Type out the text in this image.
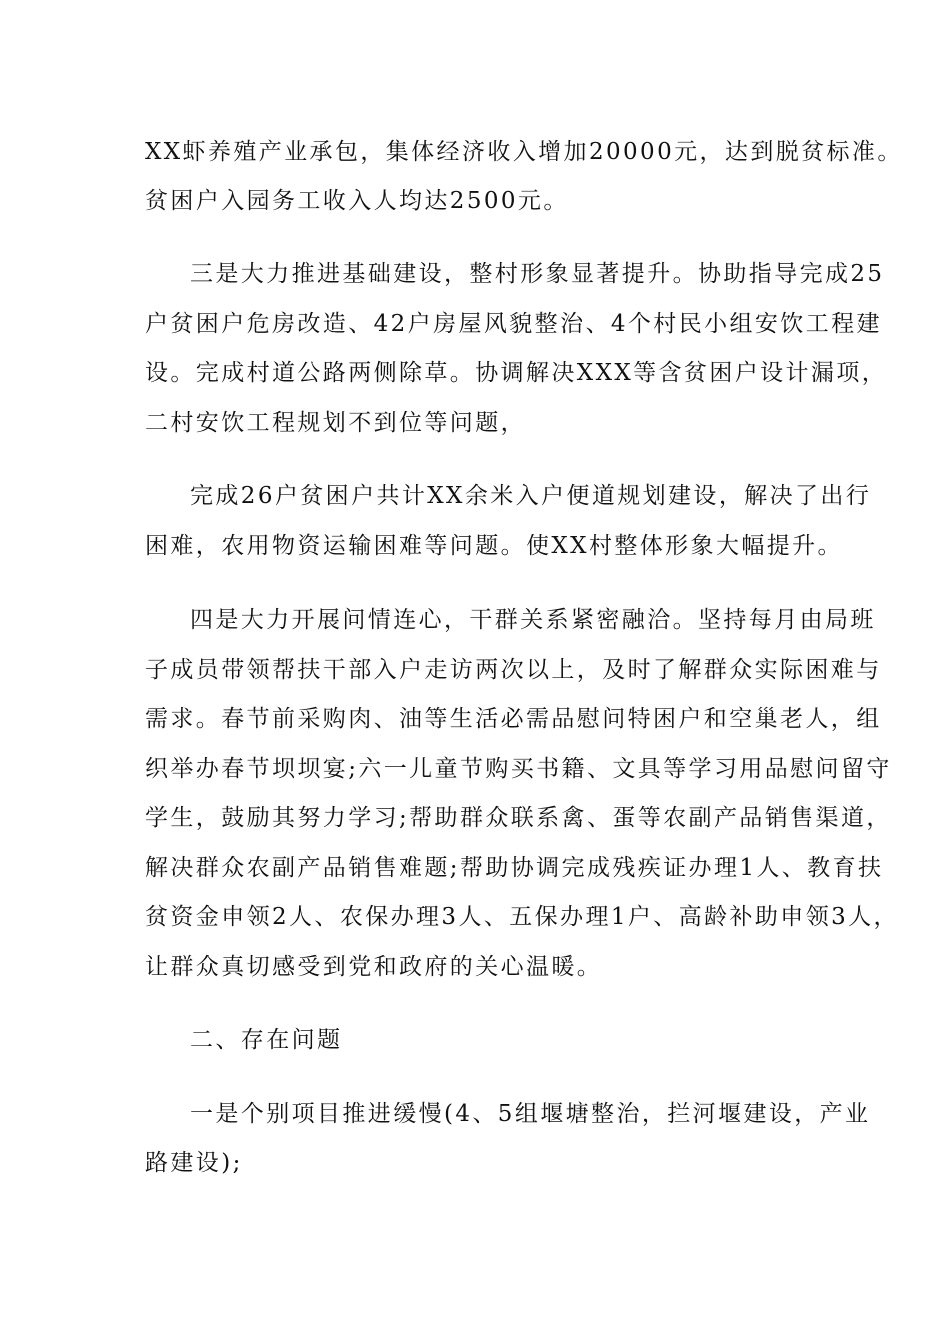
XX虾养殖产业承包，集体经济收入增加20000元，达到脱贫标准。
贫困户入园务工收入人均达2500元。
三是大力推进基础建设，整村形象显著提升。协助指导完成25
户贫困户危房改造、42户房屋风貌整治、4个村民小组安饮工程建
设。完成村道公路两侧除草。协调解决XXX等含贫困户设计漏项，
二村安饮工程规划不到位等问题，
完成26户贫困户共计XX余米入户便道规划建设，解决了出行
困难，农用物资运输困难等问题。使XX村整体形象大幅提升。
四是大力开展问情连心，干群关系紧密融洽。坚持每月由局班
子成员带领帮扶干部入户走访两次以上，及时了解群众实际困难与
需求。春节前采购肉、油等生活必需品慰问特困户和空巢老人，组
织举办春节坝坝宴;六一儿童节购买书籍、文具等学习用品慰问留守
学生，鼓励其努力学习;帮助群众联系禽、蛋等农副产品销售渠道，
解决群众农副产品销售难题;帮助协调完成残疾证办理1人、教育扶
贫资金申领2人、农保办理3人、五保办理1户、高龄补助申领3人，
让群众真切感受到党和政府的关心温暖。
二、存在问题
一是个别项目推进缓慢(4、5组堰塘整治，拦河堰建设，产业
路建设);
